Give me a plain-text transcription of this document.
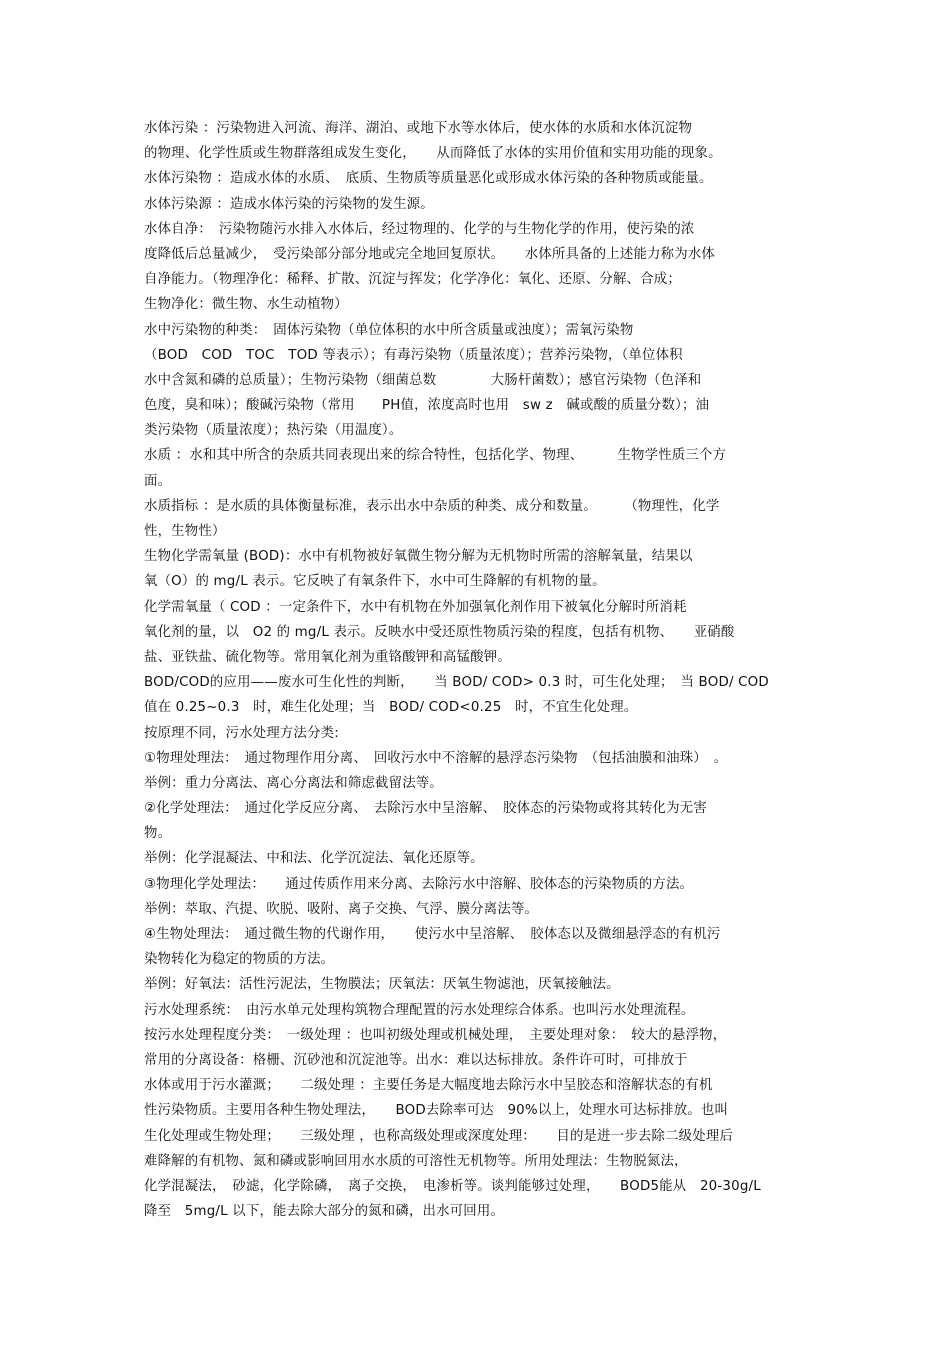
水体污染 ：污染物进入河流、海洋、湖泊、或地下水等水体后，使水体的水质和水体沉淀物
的物理、化学性质或生物群落组成发生变化，　　从而降低了水体的实用价值和实用功能的现象。
水体污染物 ：造成水体的水质、　底质、生物质等质量恶化或形成水体污染的各种物质或能量。
水体污染源 ：造成水体污染的污染物的发生源。
水体自净：　污染物随污水排入水体后，经过物理的、化学的与生物化学的作用，使污染的浓
度降低后总量减少，　受污染部分部分地或完全地回复原状。　　水体所具备的上述能力称为水体
自净能力。（物理净化：稀释、扩散、沉淀与挥发；化学净化：氧化、还原、分解、合成；
生物净化：微生物、水生动植物）
水中污染物的种类：　固体污染物（单位体积的水中所含质量或浊度）；需氧污染物
（BOD　COD　TOC　TOD 等表示）；有毒污染物（质量浓度）；营养污染物，（单位体积
水中含氮和磷的总质量）；生物污染物（细菌总数　　　　大肠杆菌数）；感官污染物（色泽和
色度，臭和味）；酸碱污染物（常用　　PH值，浓度高时也用　sw z　碱或酸的质量分数）；油
类污染物（质量浓度）；热污染（用温度）。
水质 ：水和其中所含的杂质共同表现出来的综合特性，包括化学、物理、　　　生物学性质三个方
面。
水质指标 ：是水质的具体衡量标准，表示出水中杂质的种类、成分和数量。　　　（物理性，化学
性，生物性）
生物化学需氧量 (BOD)：水中有机物被好氧微生物分解为无机物时所需的溶解氧量，结果以
氧（O）的 mg/L 表示。它反映了有氧条件下，水中可生降解的有机物的量。
化学需氧量（ COD ：一定条件下，水中有机物在外加强氧化剂作用下被氧化分解时所消耗
氧化剂的量，以　O2 的 mg/L 表示。反映水中受还原性物质污染的程度，包括有机物、　　亚硝酸
盐、亚铁盐、硫化物等。常用氧化剂为重铬酸钾和高锰酸钾。
BOD/COD的应用——废水可生化性的判断，　　当 BOD/ COD> 0.3 时，可生化处理；　当 BOD/ COD
值在 0.25~0.3　时，难生化处理；当　BOD/ COD<0.25　时，不宜生化处理。
按原理不同，污水处理方法分类:
①物理处理法：　通过物理作用分离、　回收污水中不溶解的悬浮态污染物　（包括油膜和油珠）　。
举例：重力分离法、离心分离法和筛虑截留法等。
②化学处理法：　通过化学反应分离、　去除污水中呈溶解、　胶体态的污染物或将其转化为无害
物。
举例：化学混凝法、中和法、化学沉淀法、氧化还原等。
③物理化学处理法：　　通过传质作用来分离、去除污水中溶解、胶体态的污染物质的方法。
举例：萃取、汽提、吹脱、吸附、离子交换、气浮、膜分离法等。
④生物处理法：　通过微生物的代谢作用，　　使污水中呈溶解、　胶体态以及微细悬浮态的有机污
染物转化为稳定的物质的方法。
举例：好氧法：活性污泥法，生物膜法；厌氧法：厌氧生物滤池，厌氧接触法。
污水处理系统：　由污水单元处理构筑物合理配置的污水处理综合体系。也叫污水处理流程。
按污水处理程度分类：　一级处理 ：也叫初级处理或机械处理，　主要处理对象：　较大的悬浮物，
常用的分离设备：格栅、沉砂池和沉淀池等。出水：难以达标排放。条件许可时，可排放于
水体或用于污水灌溉；　　二级处理 ：主要任务是大幅度地去除污水中呈胶态和溶解状态的有机
性污染物质。主要用各种生物处理法，　　BOD去除率可达　90%以上，处理水可达标排放。也叫
生化处理或生物处理；　　三级处理 ，也称高级处理或深度处理：　　目的是进一步去除二级处理后
难降解的有机物、氮和磷或影响回用水水质的可溶性无机物等。所用处理法：生物脱氮法，
化学混凝法，　砂滤，化学除磷，　离子交换，　电渗析等。谈判能够过处理，　　BOD5能从　20-30g/L
降至　5mg/L 以下，能去除大部分的氮和磷，出水可回用。
